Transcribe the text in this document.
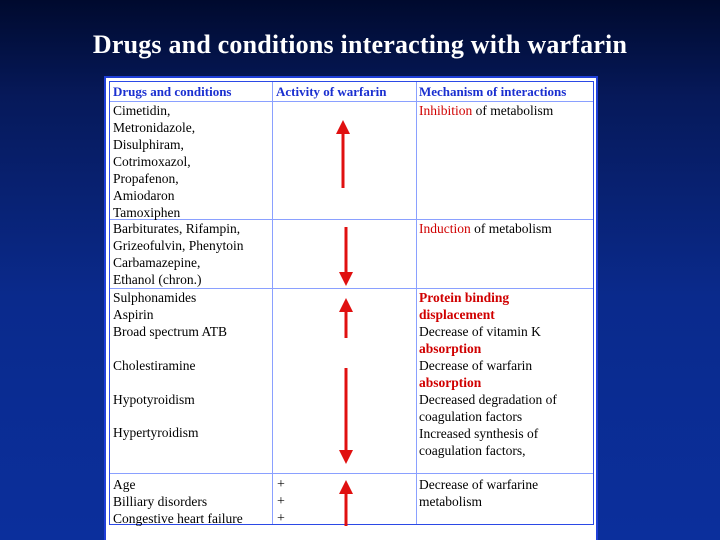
Drugs and conditions interacting with warfarin
Drugs and conditions	Activity of warfarin	Mechanism of interactions
Cimetidin,
Metronidazole,
Disulphiram,
Cotrimoxazol,
Propafenon,
Amiodaron
Tamoxiphen
Inhibition of metabolism
Barbiturates, Rifampin,
Grizeofulvin, Phenytoin
Carbamazepine,
Ethanol (chron.)
Induction of metabolism
Sulphonamides
Aspirin
Broad spectrum ATB
Cholestiramine
Hypotyroidism
Hypertyroidism
Protein binding
displacement
Decrease of vitamin K
absorption
Decrease of warfarin
absorption
Decreased degradation of
coagulation factors
Increased synthesis of
coagulation factors,
Age
Billiary disorders
Congestive heart failure
+
+
+
Decrease of warfarine
metabolism
